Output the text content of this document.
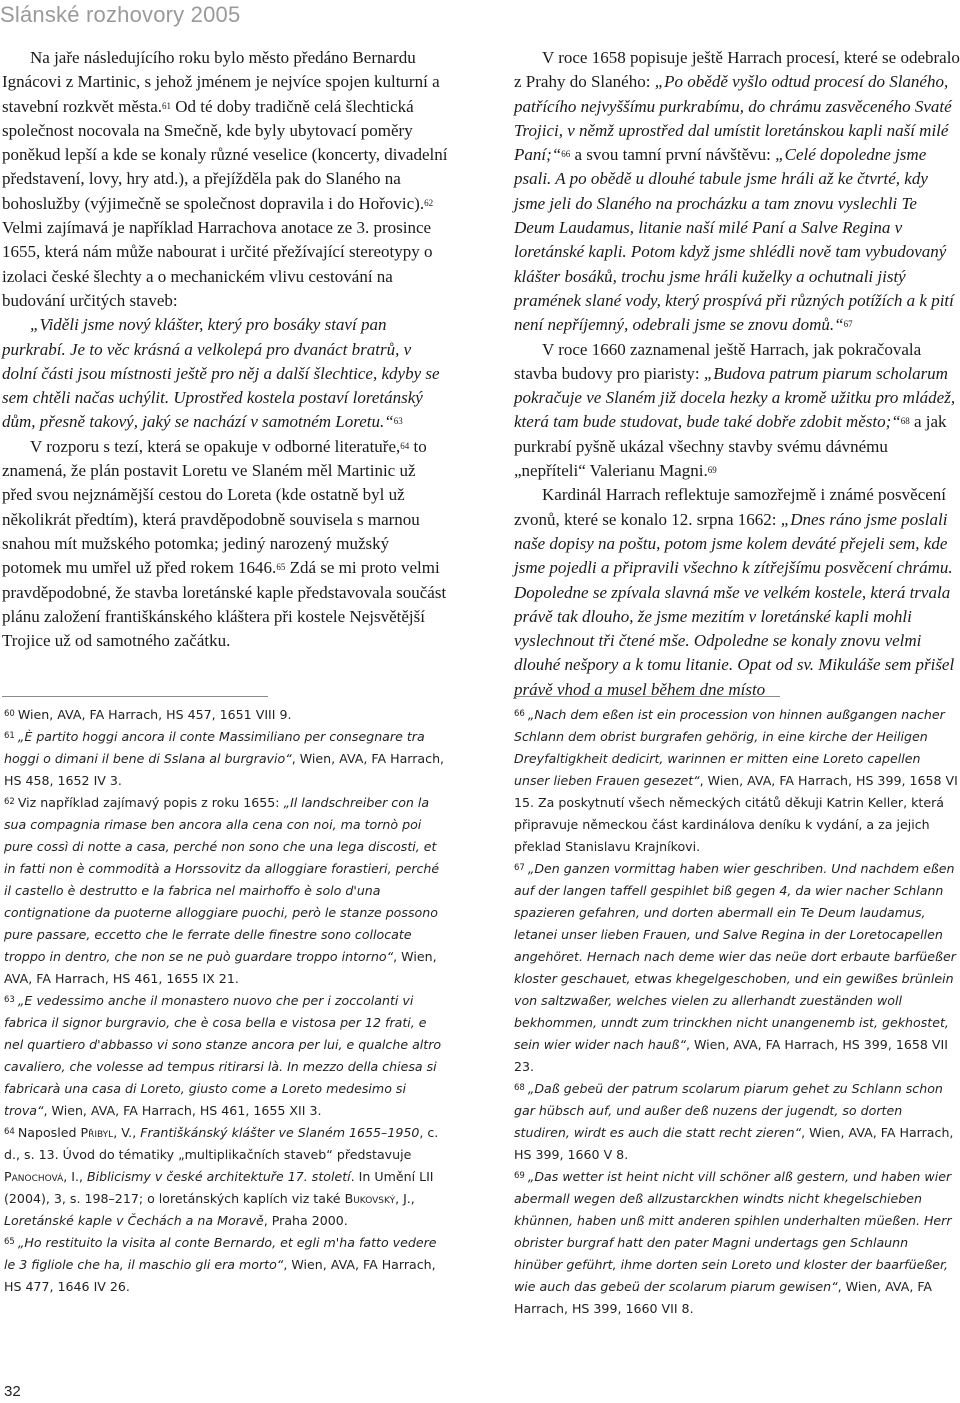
Slánské rozhovory 2005

Na jaře následujícího roku bylo město předáno Bernardu Ignácovi z Martinic, s jehož jménem je nejvíce spojen kulturní a stavební rozkvět města.$^{61}$ Od té doby tradičně celá šlechtická společnost nocovala na Smečně, kde byly ubytovací poměry poněkud lepší a kde se konaly různé veselice (koncerty, divadelní představení, lovy, hry atd.), a přejížděla pak do Slaného na bohoslužby (výjimečně se společnost dopravila i do Hořovic).$^{62}$ Velmi zajímavá je například Harrachova anotace ze 3. prosince 1655, která nám může nabourat i určité přežívající stereotypy o izolaci české šlechty a o mechanickém vlivu cestování na budování určitých staveb:

„Viděli jsme nový klášter, který pro bosáky staví pan purkrabí. Je to věc krásná a velkolepá pro dvanáct bratrů, v dolní části jsou místnosti ještě pro něj a další šlechtice, kdyby se sem chtěli načas uchýlit. Uprostřed kostela postaví loretánský dům, přesně takový, jaký se nachází v samotném Loretu.“$^{63}$

V rozporu s tezí, která se opakuje v odborné literatuře,$^{64}$ to znamená, že plán postavit Loretu ve Slaném měl Martinic už před svou nejznámější cestou do Loreta (kde ostatně byl už několikrát předtím), která pravděpodobně souvisela s marnou snahou mít mužského potomka; jediný narozený mužský potomek mu umřel už před rokem 1646.65 Zdá se mi proto velmi pravděpodobné, že stavba loretánské kaple představovala součást plánu založení františkánského kláštera při kostele Nejsvětější Trojice už od samotného začátku.

V roce 1658 popisuje ještě Harrach procesí, které se odebralo z Prahy do Slaného: „Po obědě vyšlo odtud procesí do Slaného, patřícího nejvyššímu purkrabímu, do chrámu zasvěceného Svaté Trojici, v němž uprostřed dal umístit loretánskou kapli naší milé Paní;“$^{66}$ a svou tamní první návštěvu: „Celé dopoledne jsme psali. A po obědě u dlouhé tabule jsme hráli až ke čtvrté, kdy jsme jeli do Slaného na procházku a tam znovu vyslechli Te Deum Laudamus, litanie naší milé Paní a Salve Regina v loretánské kapli. Potom když jsme shlédli nově tam vybudovaný klášter bosáků, trochu jsme hráli kuželky a ochutnali jistý pramének slané vody, který prospívá při různých potížích a k pití není nepříjemný, odebrali jsme se znovu domů.“$^{67}$

V roce 1660 zaznamenal ještě Harrach, jak pokračovala stavba budovy pro piaristy: „Budova patrum piarum scholarum pokračuje ve Slaném již docela hezky a kromě užitku pro mládež, která tam bude studovat, bude také dobře zdobit město;“$^{68}$ a jak purkrabí pyšně ukázal všechny stavby svému dávnému „nepříteli“ Valerianu Magni.$^{69}$

Kardinál Harrach reflektuje samozřejmě i známé posvěcení zvonů, které se konalo 12. srpna 1662: „Dnes ráno jsme poslali naše dopisy na poštu, potom jsme kolem deváté přejeli sem, kde jsme pojedli a připravili všechno k zítřejšímu posvěcení chrámu. Dopoledne se zpívala slavná mše ve velkém kostele, která trvala právě tak dlouho, že jsme mezitím v loretánské kapli mohli vyslechnout tři čtené mše. Odpoledne se konaly znovu velmi dlouhé nešpory a k tomu litanie. Opat od sv. Mikuláše sem přišel právě vhod a musel během dne místo

$^{60}$ Wien, AVA, FA Harrach, HS 457, 1651 VIII 9.

$^{61}$ „È partito hoggi ancora il conte Massimiliano per consegnare tra hoggi o dimani il bene di Sslana al burgravio“, Wien, AVA, FA Harrach, HS 458, 1652 IV 3.

$^{62}$ Viz například zajímavý popis z roku 1655: „Il landschreiber con la sua compagnia rimase ben ancora alla cena con noi, ma tornò poi pure cossì di notte a casa, perché non sono che una lega discosti, et in fatti non è commodità a Horssovitz da alloggiare forastieri, perché il castello è destrutto e la fabrica nel mairhoffo è solo d'una contignatione da puoterne alloggiare puochi, però le stanze possono pure passare, eccetto che le ferrate delle finestre sono collocate troppo in dentro, che non se ne può guardare troppo intorno“, Wien, AVA, FA Harrach, HS 461, 1655 IX 21.

$^{63}$ „E vedessimo anche il monastero nuovo che per i zoccolanti vi fabrica il signor burgravio, che è cosa bella e vistosa per 12 frati, e nel quartiero d'abbasso vi sono stanze ancora per lui, e qualche altro cavaliero, che volesse ad tempus ritirarsi là. In mezzo della chiesa si fabricarà una casa di Loreto, giusto come a Loreto medesimo si trova“, Wien, AVA, FA Harrach, HS 461, 1655 XII 3.

$^{64}$ Naposled Přibyl, V., Františkánský klášter ve Slaném 1655–1950, c. d., s. 13. Úvod do tématiky „multiplikačních staveb“ představuje Panochová, I., Biblicismy v české architektuře 17. století. In Umění LII (2004), 3, s. 198–217; o loretánských kaplích viz také Bukovský, J., Loretánské kaple v Čechách a na Moravě, Praha 2000.

$^{65}$ „Ho restituito la visita al conte Bernardo, et egli m'ha fatto vedere le 3 figliole che ha, il maschio gli era morto“, Wien, AVA, FA Harrach, HS 477, 1646 IV 26.

$^{66}$ „Nach dem eßen ist ein procession von hinnen außgangen nacher Schlann dem obrist burgrafen gehörig, in eine kirche der Heiligen Dreyfaltigkheit dedicirt, warinnen er mitten eine Loreto capellen unser lieben Frauen gesezet“, Wien, AVA, FA Harrach, HS 399, 1658 VI 15. Za poskytnutí všech německých citátů děkuji Katrin Keller, která připravuje německou část kardinálova deníku k vydání, a za jejich překlad Stanislavu Krajníkovi.

$^{67}$ „Den ganzen vormittag haben wier geschriben. Und nachdem eßen auf der langen taffell gespihlet biß gegen 4, da wier nacher Schlann spazieren gefahren, und dorten abermall ein Te Deum laudamus, letanei unser lieben Frauen, und Salve Regina in der Loretocapellen angehöret. Hernach nach deme wier das neüe dort erbaute barfüeßer kloster geschauet, etwas khegelgeschoben, und ein gewißes brünlein von saltzwaßer, welches vielen zu allerhandt zueständen woll bekhommen, unndt zum trinckhen nicht unangenemb ist, gekhostet, sein wier wider nach hauß“, Wien, AVA, FA Harrach, HS 399, 1658 VII 23.

$^{68}$ „Daß gebeü der patrum scolarum piarum gehet zu Schlann schon gar hübsch auf, und außer deß nuzens der jugendt, so dorten studiren, wirdt es auch die statt recht zieren“, Wien, AVA, FA Harrach, HS 399, 1660 V 8.

$^{69}$ „Das wetter ist heint nicht vill schöner alß gestern, und haben wier abermall wegen deß allzustarckhen windts nicht khegelschieben khünnen, haben unß mitt anderen spihlen underhalten müeßen. Herr obrister burgraf hatt den pater Magni undertags gen Schlaunn hinüber geführt, ihme dorten sein Loreto und kloster der baarfüeßer, wie auch das gebeü der scolarum piarum gewisen“, Wien, AVA, FA Harrach, HS 399, 1660 VII 8.

32
